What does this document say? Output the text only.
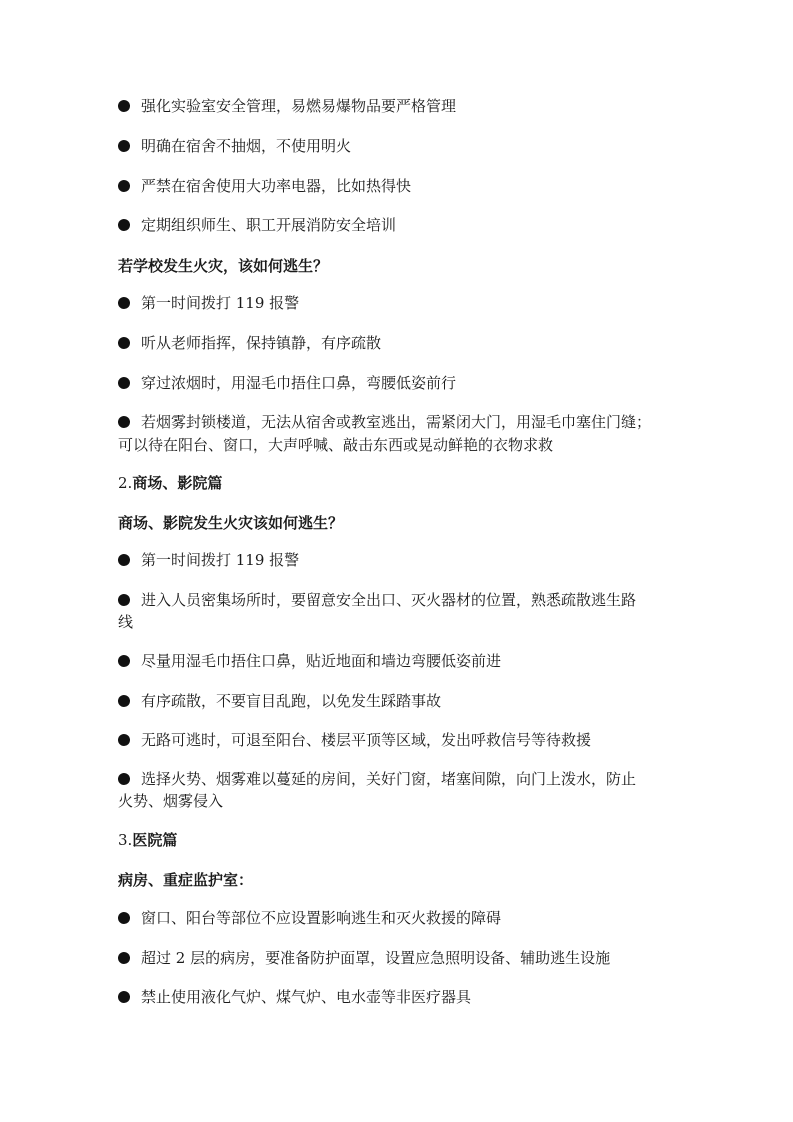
强化实验室安全管理，易燃易爆物品要严格管理
明确在宿舍不抽烟，不使用明火
严禁在宿舍使用大功率电器，比如热得快
定期组织师生、职工开展消防安全培训
若学校发生火灾，该如何逃生？
第一时间拨打 119 报警
听从老师指挥，保持镇静，有序疏散
穿过浓烟时，用湿毛巾捂住口鼻，弯腰低姿前行
若烟雾封锁楼道，无法从宿舍或教室逃出，需紧闭大门，用湿毛巾塞住门缝；
可以待在阳台、窗口，大声呼喊、敲击东西或晃动鲜艳的衣物求救
2.商场、影院篇
商场、影院发生火灾该如何逃生？
第一时间拨打 119 报警
进入人员密集场所时，要留意安全出口、灭火器材的位置，熟悉疏散逃生路
线
尽量用湿毛巾捂住口鼻，贴近地面和墙边弯腰低姿前进
有序疏散，不要盲目乱跑，以免发生踩踏事故
无路可逃时，可退至阳台、楼层平顶等区域，发出呼救信号等待救援
选择火势、烟雾难以蔓延的房间，关好门窗，堵塞间隙，向门上泼水，防止
火势、烟雾侵入
3.医院篇
病房、重症监护室：
窗口、阳台等部位不应设置影响逃生和灭火救援的障碍
超过 2 层的病房，要准备防护面罩，设置应急照明设备、辅助逃生设施
禁止使用液化气炉、煤气炉、电水壶等非医疗器具
